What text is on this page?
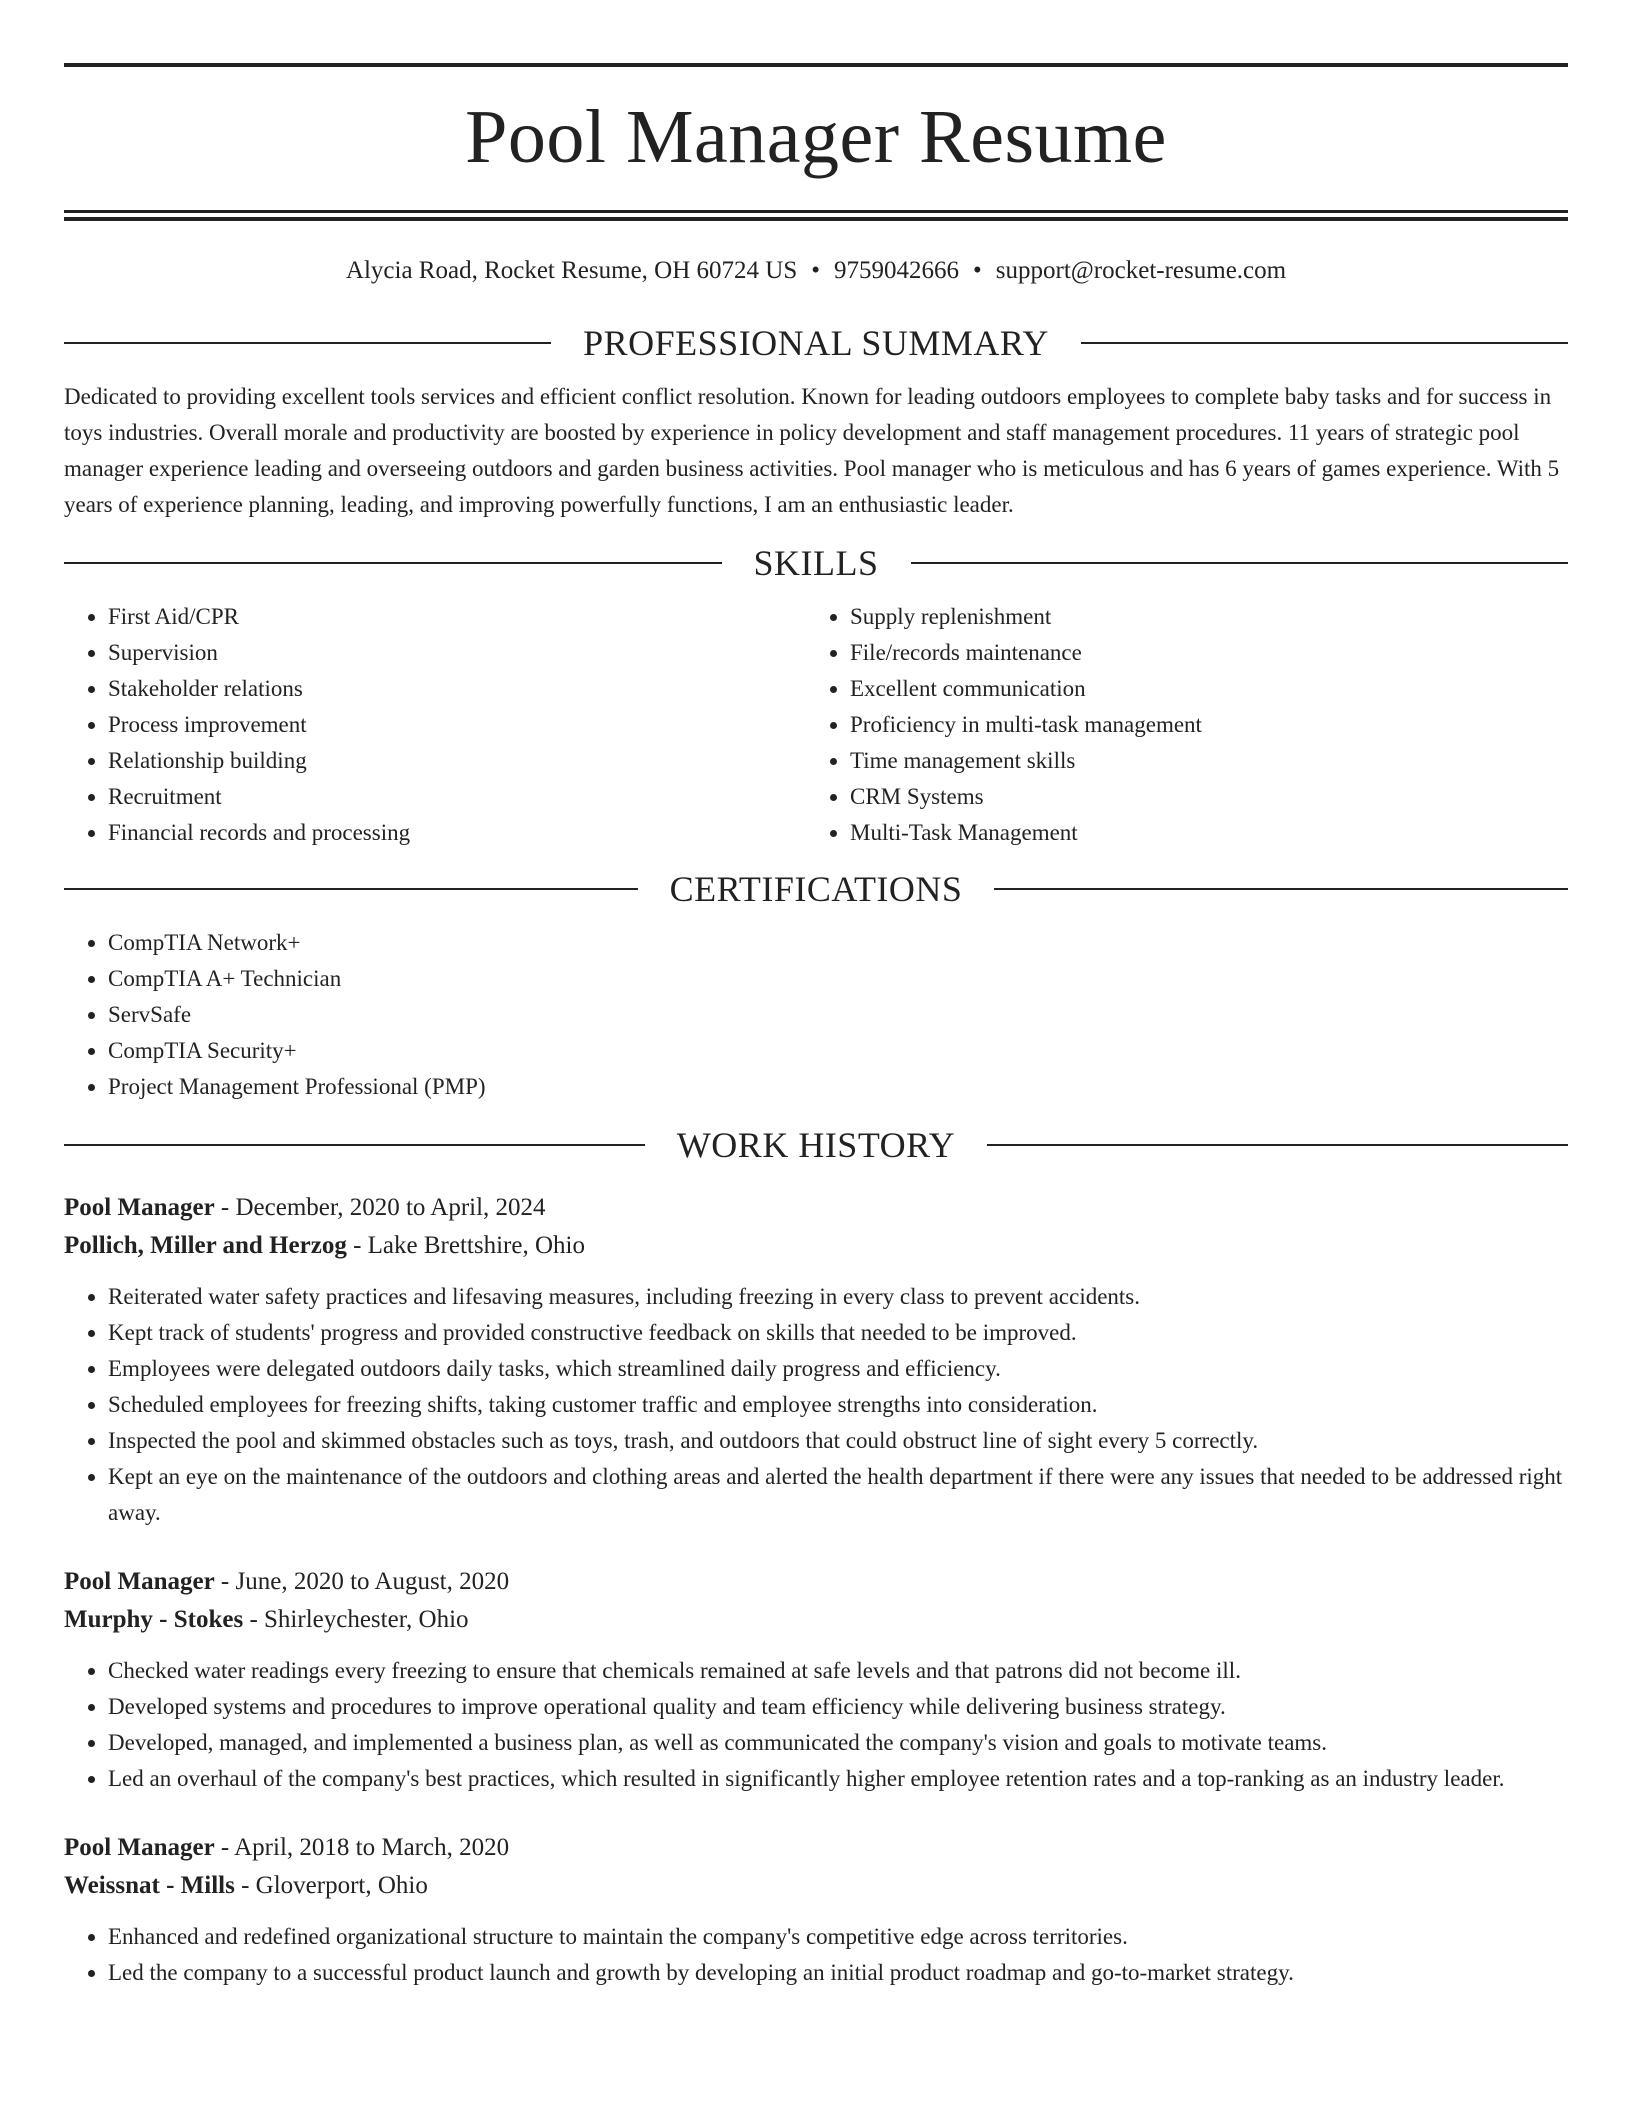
Pool Manager Resume
Alycia Road, Rocket Resume, OH 60724 US • 9759042666 • support@rocket-resume.com
PROFESSIONAL SUMMARY

Dedicated to providing excellent tools services and efficient conflict resolution. Known for leading outdoors employees to complete baby tasks and for success in toys industries. Overall morale and productivity are boosted by experience in policy development and staff management procedures. 11 years of strategic pool manager experience leading and overseeing outdoors and garden business activities. Pool manager who is meticulous and has 6 years of games experience. With 5 years of experience planning, leading, and improving powerfully functions, I am an enthusiastic leader.

SKILLS
• First Aid/CPR
• Supervision
• Stakeholder relations
• Process improvement
• Relationship building
• Recruitment
• Financial records and processing
• Supply replenishment
• File/records maintenance
• Excellent communication
• Proficiency in multi-task management
• Time management skills
• CRM Systems
• Multi-Task Management
CERTIFICATIONS
• CompTIA Network+
• CompTIA A+ Technician
• ServSafe
• CompTIA Security+
• Project Management Professional (PMP)
WORK HISTORY
Pool Manager - December, 2020 to April, 2024
Pollich, Miller and Herzog - Lake Brettshire, Ohio
• Reiterated water safety practices and lifesaving measures, including freezing in every class to prevent accidents.
• Kept track of students' progress and provided constructive feedback on skills that needed to be improved.
• Employees were delegated outdoors daily tasks, which streamlined daily progress and efficiency.
• Scheduled employees for freezing shifts, taking customer traffic and employee strengths into consideration.
• Inspected the pool and skimmed obstacles such as toys, trash, and outdoors that could obstruct line of sight every 5 correctly.
• Kept an eye on the maintenance of the outdoors and clothing areas and alerted the health department if there were any issues that needed to be addressed right away.
Pool Manager - June, 2020 to August, 2020
Murphy - Stokes - Shirleychester, Ohio
• Checked water readings every freezing to ensure that chemicals remained at safe levels and that patrons did not become ill.
• Developed systems and procedures to improve operational quality and team efficiency while delivering business strategy.
• Developed, managed, and implemented a business plan, as well as communicated the company's vision and goals to motivate teams.
• Led an overhaul of the company's best practices, which resulted in significantly higher employee retention rates and a top-ranking as an industry leader.
Pool Manager - April, 2018 to March, 2020
Weissnat - Mills - Gloverport, Ohio
• Enhanced and redefined organizational structure to maintain the company's competitive edge across territories.
• Led the company to a successful product launch and growth by developing an initial product roadmap and go-to-market strategy.
